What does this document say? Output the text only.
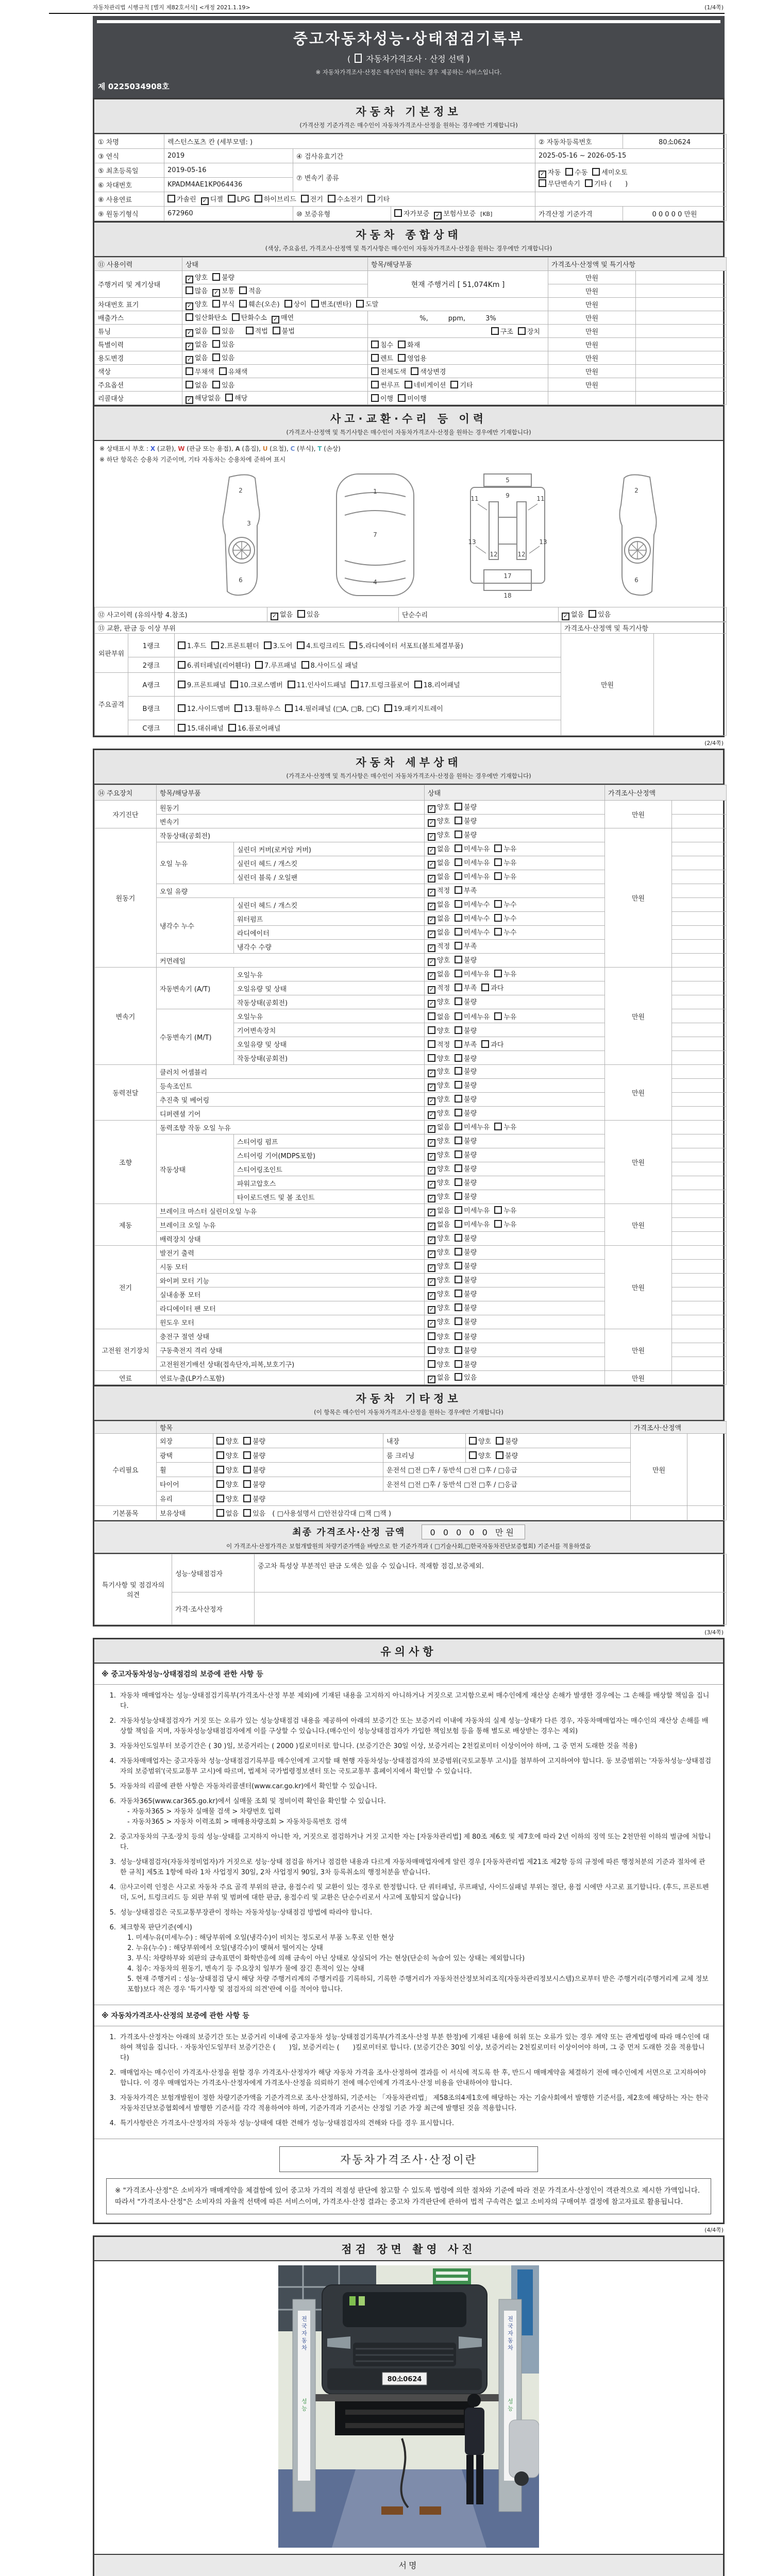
자동차관리법 시행규칙 [별지 제82호서식] <개정 2021.1.19>	(1/4쪽)
중고자동차성능·상태점검기록부
( 자동차가격조사 · 산정 선택 )
※ 자동차가격조사·산정은 매수인이 원하는 경우 제공하는 서비스입니다.
제 0225034908호
자동차 기본정보
(가격산정 기준가격은 매수인이 자동차가격조사·산정을 원하는 경우에만 기재합니다)
① 차명	렉스턴스포츠 칸 (세부모델: )			② 자동차등록번호	80소0624
③ 연식	2019	④ 검사유효기간		2025-05-16 ~ 2026-05-15	
⑤ 최초등록일	2019-05-16	⑦ 변속기 종류		✓ 자동 수동 세미오토
무단변속기 기타 (　　)	
⑥ 차대번호	KPADM4AE1KP064436				
⑧ 사용연료	가솔린 ✓ 디젤 LPG 하이브리드 전기 수소전기 기타				
⑨ 원동기형식	672960	⑩ 보증유형	자가보증 ✓ 보험사보증 [KB]	가격산정 기준가격	0 0 0 0 0 만원
자동차 종합상태
(색상, 주요옵션, 가격조사·산정액 및 특기사항은 매수인이 자동차가격조사·산정을 원하는 경우에만 기재합니다)
⑪ 사용이력	상태	항목/해당부품	가격조사·산정액 및 특기사항	
주행거리 및 계기상태	✓ 양호 불량	현재 주행거리 [ 51,074Km ]	만원	
	많음 ✓ 보통 적음		만원	
차대번호 표기	✓ 양호 부식 훼손(오손) 상이 변조(변타) 도말		만원	
배출가스	일산화탄소 탄화수소 ✓ 매연	%,　　　ppm,　　　3%	만원	
튜닝	✓ 없음 있음 적법 불법	구조 장치	만원	
특별이력	✓ 없음 있음	침수 화재	만원	
용도변경	✓ 없음 있음	렌트 영업용	만원	
색상	무채색 유채색	전체도색 색상변경	만원	
주요옵션	없음 있음	썬루프 네비게이션 기타	만원	
리콜대상	✓ 해당없음 해당	이행 미이행		
사고·교환·수리 등 이력
(가격조사·산정액 및 특기사항은 매수인이 자동차가격조사·산정을 원하는 경우에만 기재합니다)
※ 상태표시 부호 : X (교환), W (판금 또는 용접), A (흠집), U (요철), C (부식), T (손상)
※ 하단 항목은 승용차 기준이며, 기타 자동차는 승용차에 준하여 표시
2
3
6
1
7
4
5
9
11	11
13	13
12	12
17
18
2
6
⑫ 사고이력 (유의사항 4.참조)	✓ 없음 있음	단순수리	✓ 없음 있음
⑬ 교환, 판금 등 이상 부위			가격조사·산정액 및 특기사항	
외판부위	1랭크	1.후드 2.프론트휀더 3.도어 4.트렁크리드 5.라디에이터 서포트(볼트체결부품)	만원	
	2랭크	6.쿼터패널(리어휀다) 7.루프패널 8.사이드실 패널		
주요골격	A랭크	9.프론트패널 10.크로스멤버 11.인사이드패널 17.트렁크플로어 18.리어패널		
	B랭크	12.사이드멤버 13.휠하우스 14.필러패널 (□A, □B, □C) 19.패키지트레이		
	C랭크	15.대쉬패널 16.플로어패널		
(2/4쪽)
자동차 세부상태
(가격조사·산정액 및 특기사항은 매수인이 자동차가격조사·산정을 원하는 경우에만 기재합니다)
⑭ 주요장치	항목/해당부품		상태	가격조사·산정액	
자기진단	원동기		✓ 양호 불량	만원	
	변속기		✓ 양호 불량		
원동기	작동상태(공회전)		✓ 양호 불량	만원	
	오일 누유	실린더 커버(로커암 커버)	✓ 없음 미세누유 누유		
		실린더 헤드 / 개스킷	✓ 없음 미세누유 누유		
		실린더 블록 / 오일팬	✓ 없음 미세누유 누유		
	오일 유량		✓ 적정 부족		
	냉각수 누수	실린더 헤드 / 개스킷	✓ 없음 미세누수 누수		
		워터펌프	✓ 없음 미세누수 누수		
		라디에이터	✓ 없음 미세누수 누수		
		냉각수 수량	✓ 적정 부족		
	커먼레일		✓ 양호 불량		
변속기	자동변속기 (A/T)	오일누유	✓ 없음 미세누유 누유	만원	
		오일유량 및 상태	✓ 적정 부족 과다		
		작동상태(공회전)	✓ 양호 불량		
	수동변속기 (M/T)	오일누유	없음 미세누유 누유		
		기어변속장치	양호 불량		
		오일유량 및 상태	적정 부족 과다		
		작동상태(공회전)	양호 불량		
동력전달	클러치 어셈블리		✓ 양호 불량	만원	
	등속조인트		✓ 양호 불량		
	추진축 및 베어링		✓ 양호 불량		
	디퍼렌셜 기어		✓ 양호 불량		
조향	동력조향 작동 오일 누유		✓ 없음 미세누유 누유	만원	
	작동상태	스티어링 펌프	✓ 양호 불량		
		스티어링 기어(MDPS포함)	✓ 양호 불량		
		스티어링조인트	✓ 양호 불량		
		파워고압호스	✓ 양호 불량		
		타이로드엔드 및 볼 조인트	✓ 양호 불량		
제동	브레이크 마스터 실린더오일 누유		✓ 없음 미세누유 누유	만원	
	브레이크 오일 누유		✓ 없음 미세누유 누유		
	배력장치 상태		✓ 양호 불량		
전기	발전기 출력		✓ 양호 불량	만원	
	시동 모터		✓ 양호 불량		
	와이퍼 모터 기능		✓ 양호 불량		
	실내송풍 모터		✓ 양호 불량		
	라디에이터 팬 모터		✓ 양호 불량		
	윈도우 모터		✓ 양호 불량		
고전원 전기장치	충전구 절연 상태		양호 불량	만원	
	구동축전지 격리 상태		양호 불량		
	고전원전기배선 상태(접속단자,피복,보호기구)		양호 불량		
연료	연료누출(LP가스포함)		✓ 없음 있음	만원	
자동차 기타정보
(이 항목은 매수인이 자동차가격조사·산정을 원하는 경우에만 기재합니다)
	항목				가격조사·산정액	
수리필요	외장	양호 불량	내장	양호 불량	만원	
	광택	양호 불량	룸 크리닝	양호 불량		
	휠	양호 불량	운전석 □전 □후 / 동반석 □전 □후 / □응급			
	타이어	양호 불량	운전석 □전 □후 / 동반석 □전 □후 / □응급			
	유리	양호 불량				
기본품목	보유상태	없음 있음 ( □사용설명서 □안전삼각대 □잭 □잭 )				
최종 가격조사·산정 금액	0 0 0 0 0 만원
이 가격조사·산정가격은 보험개발원의 차량기준가액을 바탕으로 한 기준가격과 ( □기술사회,□한국자동차진단보증협회) 기준서를 적용하였음
특기사항 및 점검자의 의견	성능·상태점검자	중고차 특성상 부분적인 판금 도색은 있을 수 있습니다. 적재함 점검,보증제외.
	가격·조사산정자	
(3/4쪽)
유의사항
※ 중고자동차성능·상태점검의 보증에 관한 사항 등
1. 자동차 매매업자는 성능·상태점검기록부(가격조사·산정 부분 제외)에 기재된 내용을 고지하지 아니하거나 거짓으로 고지함으로써 매수인에게 재산상 손해가 발생한 경우에는 그 손해를 배상할 책임을 집니다.
2. 자동차성능상태점검자가 거짓 또는 오류가 있는 성능상태점검 내용을 제공하여 아래의 보증기간 또는 보증거리 이내에 자동차의 실제 성능·상태가 다른 경우, 자동차매매업자는 매수인의 재산상 손해를 배상할 책임을 지며, 자동차성능상태점검자에게 이를 구상할 수 있습니다.(매수인이 성능상태점검자가 가입한 책임보험 등을 통해 별도로 배상받는 경우는 제외)
3. 자동차인도일부터 보증기간은 ( 30 )일, 보증거리는 ( 2000 )킬로미터로 합니다. (보증기간은 30일 이상, 보증거리는 2천킬로미터 이상이어야 하며, 그 중 먼저 도래한 것을 적용)
4. 자동차매매업자는 중고자동차 성능·상태점검기록부를 매수인에게 고지할 때 현행 자동차성능·상태점검자의 보증범위(국토교통부 고시)를 첨부하여 고지하여야 합니다. 동 보증범위는 '자동차성능·상태점검자의 보증범위'(국토교통부 고시)에 따르며, 법제처 국가법령정보센터 또는 국토교통부 홈페이지에서 확인할 수 있습니다.
5. 자동차의 리콜에 관한 사항은 자동차리콜센터(www.car.go.kr)에서 확인할 수 있습니다.
6. 자동차365(www.car365.go.kr)에서 실매물 조회 및 정비이력 확인을 확인할 수 있습니다.
- 자동차365 > 자동차 실매물 검색 > 차량번호 입력
- 자동차365 > 자동차 이력조회 > 매매용차량조회 > 자동차등록번호 검색
2. 중고자동차의 구조·장치 등의 성능·상태를 고지하지 아니한 자, 거짓으로 점검하거나 거짓 고지한 자는 [자동차관리법] 제 80조 제6호 및 제7호에 따라 2년 이하의 징역 또는 2천만원 이하의 벌금에 처합니다.
3. 성능·상태점검자(자동차정비업자)가 거짓으로 성능·상태 점검을 하거나 점검한 내용과 다르게 자동차매매업자에게 알린 경우 [자동차관리법 제21조 제2항 등의 규정에 따른 행정처분의 기준과 절차에 관한 규칙] 제5조 1항에 따라 1차 사업정지 30일, 2차 사업정지 90일, 3차 등록취소의 행정처분을 받습니다.
4. ⑫사고이력 인정은 사고로 자동차 주요 골격 부위의 판금, 용접수리 및 교환이 있는 경우로 한정합니다. 단 쿼터패널, 루프패널, 사이드실패널 부위는 절단, 용접 시에만 사고로 표기합니다. (후드, 프론트펜더, 도어, 트렁크리드 등 외판 부위 및 범퍼에 대한 판금, 용접수리 및 교환은 단순수리로서 사고에 포함되지 않습니다)
5. 성능·상태점검은 국토교통부장관이 정하는 자동차성능·상태점검 방법에 따라야 합니다.
6. 체크항목 판단기준(예시)
1. 미세누유(미세누수) : 해당부위에 오일(냉각수)이 비치는 정도로서 부품 노후로 인한 현상
2. 누유(누수) : 해당부위에서 오일(냉각수)이 맺혀서 떨어지는 상태
3. 부식: 차량하부와 외판의 금속표면이 화학반응에 의해 금속이 아닌 상태로 상실되어 가는 현상(단순히 녹슬어 있는 상태는 제외합니다)
4. 침수: 자동차의 원동기, 변속기 등 주요장치 일부가 물에 잠긴 흔적이 있는 상태
5. 현재 주행거리 : 성능·상태점검 당시 해당 차량 주행거리계의 주행거리를 기록하되, 기록한 주행거리가 자동차전산정보처리조직(자동차관리정보시스템)으로부터 받은 주행거리(주행거리계 교체 정보 포함)보다 적은 경우 '특기사항 및 점검자의 의견'란에 이를 적어야 합니다.
※ 자동차가격조사·산정의 보증에 관한 사항 등
1. 가격조사·산정자는 아래의 보증기간 또는 보증거리 이내에 중고자동차 성능·상태점검기록부(가격조사·산정 부분 한정)에 기재된 내용에 허위 또는 오류가 있는 경우 계약 또는 관계법령에 따라 매수인에 대하여 책임을 집니다. · 자동차인도일부터 보증기간은 (　　)일, 보증거리는 (　　)킬로미터로 합니다. (보증기간은 30일 이상, 보증거리는 2천킬로미터 이상이어야 하며, 그 중 먼저 도래한 것을 적용합니다)
2. 매매업자는 매수인이 가격조사·산정을 원할 경우 가격조사·산정자가 해당 자동차 가격을 조사·산정하여 결과를 이 서식에 적도록 한 후, 반드시 매매계약을 체결하기 전에 매수인에게 서면으로 고지하여야 합니다. 이 경우 매매업자는 가격조사·산정자에게 가격조사·산정을 의뢰하기 전에 매수인에게 가격조사·산정 비용을 안내하여야 합니다.
3. 자동차가격은 보험개발원이 정한 차량기준가액을 기준가격으로 조사·산정하되, 기준서는 「자동차관리법」 제58조의4제1호에 해당하는 자는 기술사회에서 발행한 기준서를, 제2호에 해당하는 자는 한국자동차진단보증협회에서 발행한 기준서를 각각 적용하여야 하며, 기준가격과 기준서는 산정일 기준 가장 최근에 발행된 것을 적용합니다.
4. 특기사항란은 가격조사·산정자의 자동차 성능·상태에 대한 견해가 성능·상태점검자의 견해와 다를 경우 표시합니다.
자동차가격조사·산정이란
※ "가격조사·산정"은 소비자가 매매계약을 체결함에 있어 중고차 가격의 적절성 판단에 참고할 수 있도록 법령에 의한 절차와 기준에 따라 전문 가격조사·산정인이 객관적으로 제시한 가액입니다. 따라서 "가격조사·산정"은 소비자의 자율적 선택에 따른 서비스이며, 가격조사·산정 결과는 중고차 가격판단에 관하여 법적 구속력은 없고 소비자의 구매여부 결정에 참고자료로 활용됩니다.
(4/4쪽)
점검 장면 촬영 사진
80소0624
전국자동차
성능
전국자동차
성능
서명
